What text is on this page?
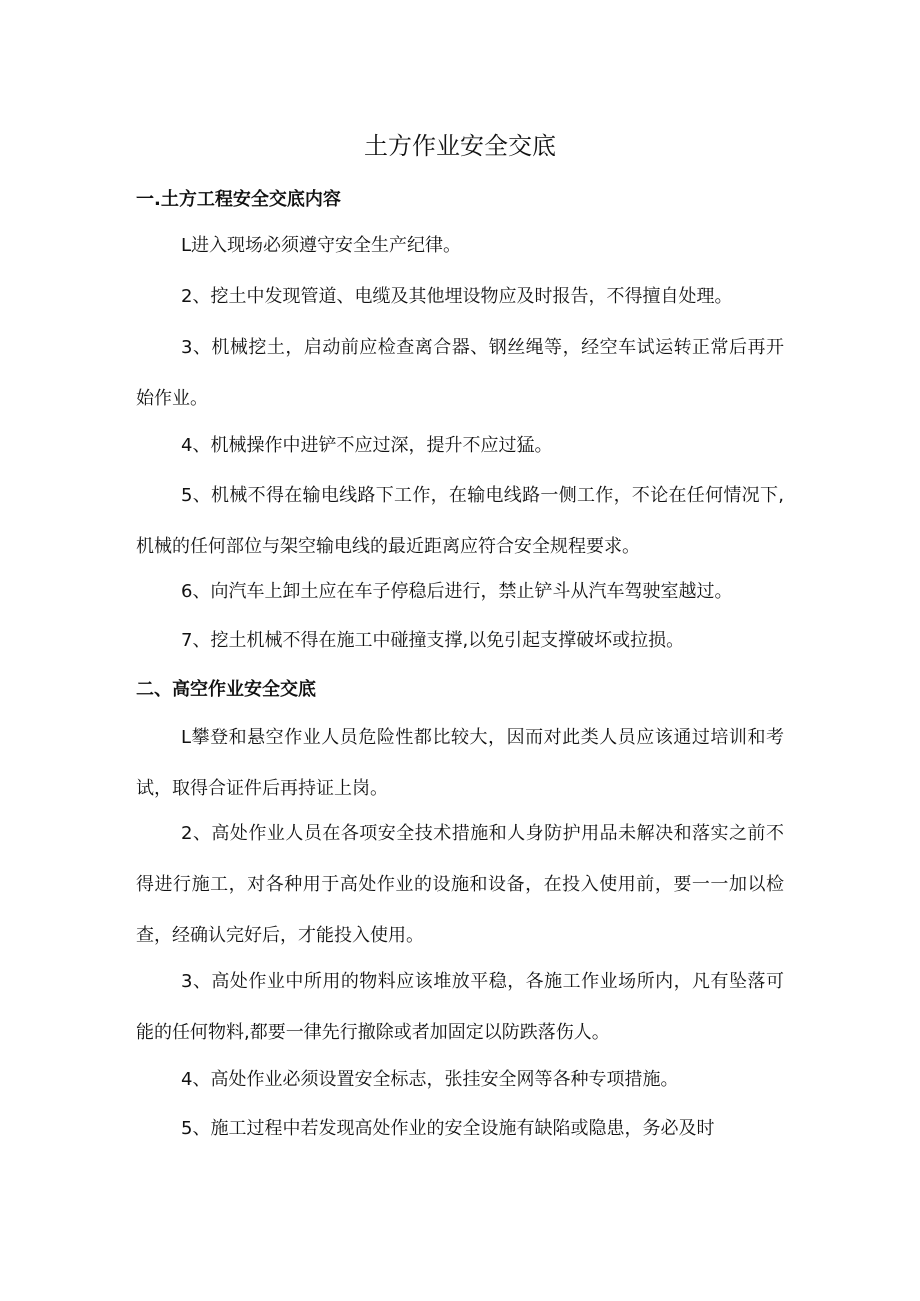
土方作业安全交底
一.土方工程安全交底内容

L进入现场必须遵守安全生产纪律。

2、挖土中发现管道、电缆及其他埋设物应及时报告，不得擅自处理。

3、机械挖土，启动前应检查离合器、钢丝绳等，经空车试运转正常后再开始作业。

4、机械操作中进铲不应过深，提升不应过猛。

5、机械不得在输电线路下工作，在输电线路一侧工作，不论在任何情况下,机械的任何部位与架空输电线的最近距离应符合安全规程要求。

6、向汽车上卸土应在车子停稳后进行，禁止铲斗从汽车驾驶室越过。

7、挖土机械不得在施工中碰撞支撑,以免引起支撑破坏或拉损。

二、高空作业安全交底

L攀登和悬空作业人员危险性都比较大，因而对此类人员应该通过培训和考试，取得合证件后再持证上岗。

2、高处作业人员在各项安全技术措施和人身防护用品未解决和落实之前不得进行施工，对各种用于高处作业的设施和设备，在投入使用前，要一一加以检查，经确认完好后，才能投入使用。

3、高处作业中所用的物料应该堆放平稳，各施工作业场所内，凡有坠落可能的任何物料,都要一律先行撤除或者加固定以防跌落伤人。

4、高处作业必须设置安全标志，张挂安全网等各种专项措施。

5、施工过程中若发现高处作业的安全设施有缺陷或隐患，务必及时
